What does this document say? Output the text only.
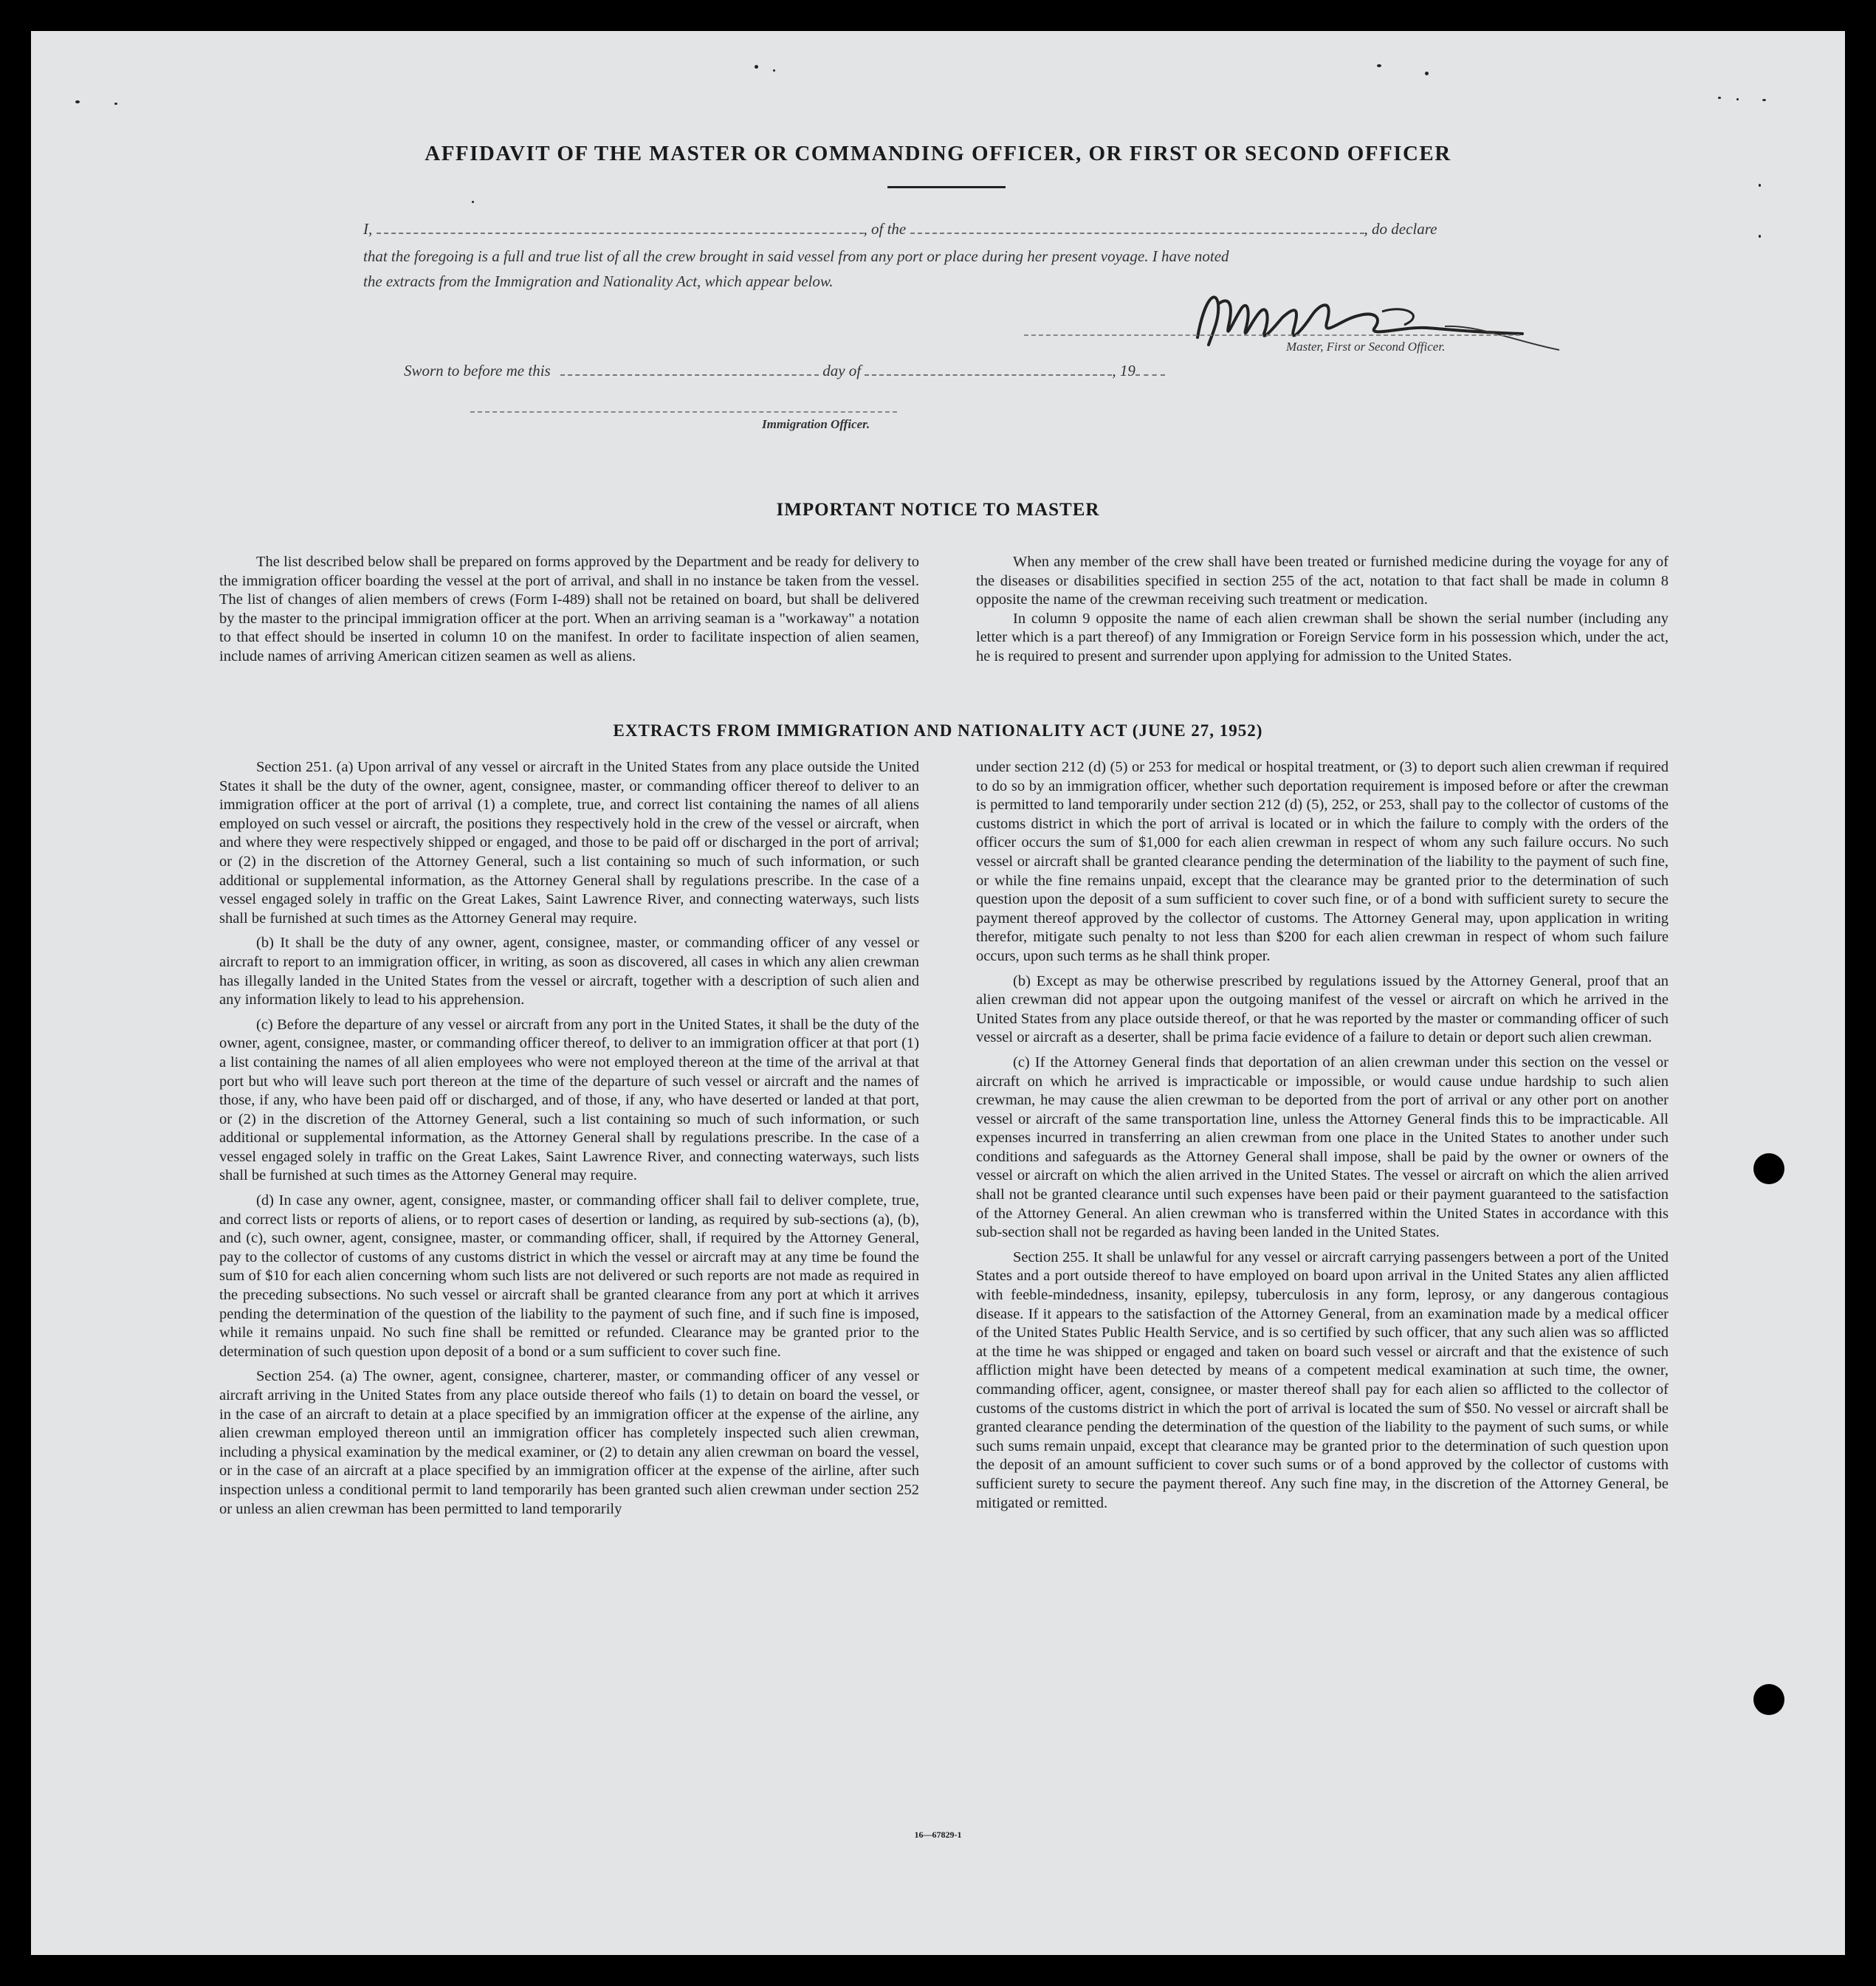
AFFIDAVIT OF THE MASTER OR COMMANDING OFFICER, OR FIRST OR SECOND OFFICER
I,	, of the	, do declare
that the foregoing is a full and true list of all the crew brought in said vessel from any port or place during her present voyage. I have noted
the extracts from the Immigration and Nationality Act, which appear below.
Master, First or Second Officer.
Sworn to before me this	day of	, 19
Immigration Officer.
IMPORTANT NOTICE TO MASTER

The list described below shall be prepared on forms approved by the Department and be ready for delivery to the immigration officer boarding the vessel at the port of arrival, and shall in no instance be taken from the vessel. The list of changes of alien members of crews (Form I-489) shall not be retained on board, but shall be delivered by the master to the principal immigration officer at the port. When an arriving seaman is a "workaway" a notation to that effect should be inserted in column 10 on the manifest. In order to facilitate inspection of alien seamen, include names of arriving American citizen seamen as well as aliens.

When any member of the crew shall have been treated or furnished medicine during the voyage for any of the diseases or disabilities specified in section 255 of the act, notation to that fact shall be made in column 8 opposite the name of the crewman receiving such treatment or medication.

In column 9 opposite the name of each alien crewman shall be shown the serial number (including any letter which is a part thereof) of any Immigration or Foreign Service form in his possession which, under the act, he is required to present and surrender upon applying for admission to the United States.

EXTRACTS FROM IMMIGRATION AND NATIONALITY ACT (JUNE 27, 1952)

Section 251. (a) Upon arrival of any vessel or aircraft in the United States from any place outside the United States it shall be the duty of the owner, agent, consignee, master, or commanding officer thereof to deliver to an immigration officer at the port of arrival (1) a complete, true, and correct list containing the names of all aliens employed on such vessel or aircraft, the positions they respectively hold in the crew of the vessel or aircraft, when and where they were respectively shipped or engaged, and those to be paid off or discharged in the port of arrival; or (2) in the discretion of the Attorney General, such a list containing so much of such information, or such additional or supplemental information, as the Attorney General shall by regulations prescribe. In the case of a vessel engaged solely in traffic on the Great Lakes, Saint Lawrence River, and connecting waterways, such lists shall be furnished at such times as the Attorney General may require.

(b) It shall be the duty of any owner, agent, consignee, master, or commanding officer of any vessel or aircraft to report to an immigration officer, in writing, as soon as discovered, all cases in which any alien crewman has illegally landed in the United States from the vessel or aircraft, together with a description of such alien and any information likely to lead to his apprehension.

(c) Before the departure of any vessel or aircraft from any port in the United States, it shall be the duty of the owner, agent, consignee, master, or commanding officer thereof, to deliver to an immigration officer at that port (1) a list containing the names of all alien employees who were not employed thereon at the time of the arrival at that port but who will leave such port thereon at the time of the departure of such vessel or aircraft and the names of those, if any, who have been paid off or discharged, and of those, if any, who have deserted or landed at that port, or (2) in the discretion of the Attorney General, such a list containing so much of such information, or such additional or supplemental information, as the Attorney General shall by regulations prescribe. In the case of a vessel engaged solely in traffic on the Great Lakes, Saint Lawrence River, and connecting waterways, such lists shall be furnished at such times as the Attorney General may require.

(d) In case any owner, agent, consignee, master, or commanding officer shall fail to deliver complete, true, and correct lists or reports of aliens, or to report cases of desertion or landing, as required by sub-sections (a), (b), and (c), such owner, agent, consignee, master, or commanding officer, shall, if required by the Attorney General, pay to the collector of customs of any customs district in which the vessel or aircraft may at any time be found the sum of $10 for each alien concerning whom such lists are not delivered or such reports are not made as required in the preceding subsections. No such vessel or aircraft shall be granted clearance from any port at which it arrives pending the determination of the question of the liability to the payment of such fine, and if such fine is imposed, while it remains unpaid. No such fine shall be remitted or refunded. Clearance may be granted prior to the determination of such question upon deposit of a bond or a sum sufficient to cover such fine.

Section 254. (a) The owner, agent, consignee, charterer, master, or commanding officer of any vessel or aircraft arriving in the United States from any place outside thereof who fails (1) to detain on board the vessel, or in the case of an aircraft to detain at a place specified by an immigration officer at the expense of the airline, any alien crewman employed thereon until an immigration officer has completely inspected such alien crewman, including a physical examination by the medical examiner, or (2) to detain any alien crewman on board the vessel, or in the case of an aircraft at a place specified by an immigration officer at the expense of the airline, after such inspection unless a conditional permit to land temporarily has been granted such alien crewman under section 252 or unless an alien crewman has been permitted to land temporarily

under section 212 (d) (5) or 253 for medical or hospital treatment, or (3) to deport such alien crewman if required to do so by an immigration officer, whether such deportation requirement is imposed before or after the crewman is permitted to land temporarily under section 212 (d) (5), 252, or 253, shall pay to the collector of customs of the customs district in which the port of arrival is located or in which the failure to comply with the orders of the officer occurs the sum of $1,000 for each alien crewman in respect of whom any such failure occurs. No such vessel or aircraft shall be granted clearance pending the determination of the liability to the payment of such fine, or while the fine remains unpaid, except that the clearance may be granted prior to the determination of such question upon the deposit of a sum sufficient to cover such fine, or of a bond with sufficient surety to secure the payment thereof approved by the collector of customs. The Attorney General may, upon application in writing therefor, mitigate such penalty to not less than $200 for each alien crewman in respect of whom such failure occurs, upon such terms as he shall think proper.

(b) Except as may be otherwise prescribed by regulations issued by the Attorney General, proof that an alien crewman did not appear upon the outgoing manifest of the vessel or aircraft on which he arrived in the United States from any place outside thereof, or that he was reported by the master or commanding officer of such vessel or aircraft as a deserter, shall be prima facie evidence of a failure to detain or deport such alien crewman.

(c) If the Attorney General finds that deportation of an alien crewman under this section on the vessel or aircraft on which he arrived is impracticable or impossible, or would cause undue hardship to such alien crewman, he may cause the alien crewman to be deported from the port of arrival or any other port on another vessel or aircraft of the same transportation line, unless the Attorney General finds this to be impracticable. All expenses incurred in transferring an alien crewman from one place in the United States to another under such conditions and safeguards as the Attorney General shall impose, shall be paid by the owner or owners of the vessel or aircraft on which the alien arrived in the United States. The vessel or aircraft on which the alien arrived shall not be granted clearance until such expenses have been paid or their payment guaranteed to the satisfaction of the Attorney General. An alien crewman who is transferred within the United States in accordance with this sub-section shall not be regarded as having been landed in the United States.

Section 255. It shall be unlawful for any vessel or aircraft carrying passengers between a port of the United States and a port outside thereof to have employed on board upon arrival in the United States any alien afflicted with feeble-mindedness, insanity, epilepsy, tuberculosis in any form, leprosy, or any dangerous contagious disease. If it appears to the satisfaction of the Attorney General, from an examination made by a medical officer of the United States Public Health Service, and is so certified by such officer, that any such alien was so afflicted at the time he was shipped or engaged and taken on board such vessel or aircraft and that the existence of such affliction might have been detected by means of a competent medical examination at such time, the owner, commanding officer, agent, consignee, or master thereof shall pay for each alien so afflicted to the collector of customs of the customs district in which the port of arrival is located the sum of $50. No vessel or aircraft shall be granted clearance pending the determination of the question of the liability to the payment of such sums, or while such sums remain unpaid, except that clearance may be granted prior to the determination of such question upon the deposit of an amount sufficient to cover such sums or of a bond approved by the collector of customs with sufficient surety to secure the payment thereof. Any such fine may, in the discretion of the Attorney General, be mitigated or remitted.

16—67829-1
